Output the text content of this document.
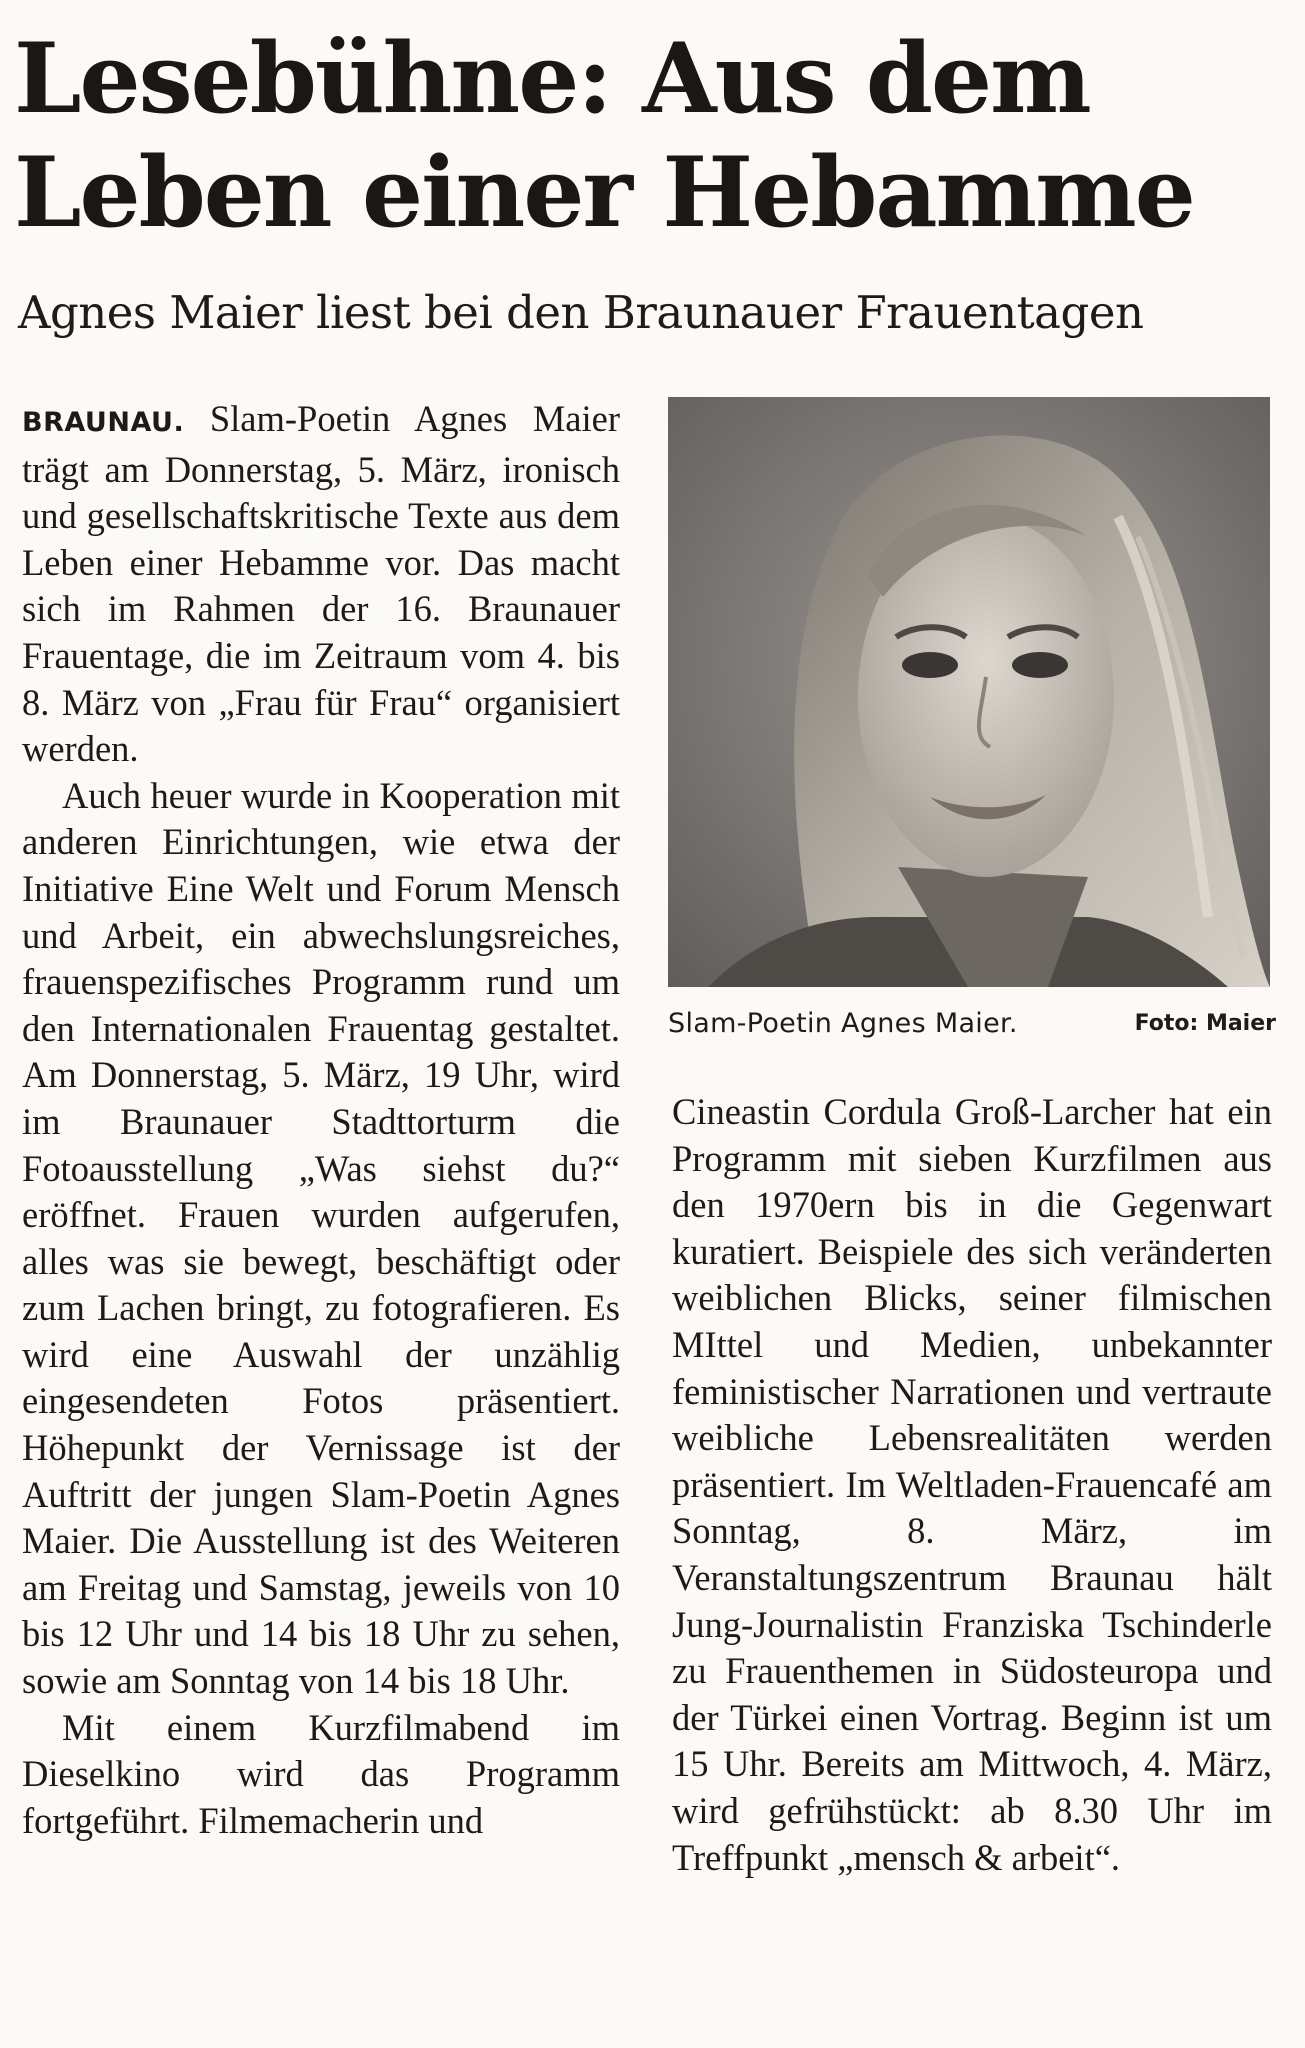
Lesebühne: Aus dem
Leben einer Hebamme
Agnes Maier liest bei den Braunauer Frauentagen

BRAUNAU. Slam-Poetin Agnes Maier trägt am Donnerstag, 5. März, ironisch und gesellschaftskritische Texte aus dem Leben einer Hebamme vor. Das macht sich im Rahmen der 16. Braunauer Frauentage, die im Zeitraum vom 4. bis 8. März von „Frau für Frau“ organisiert werden.

Auch heuer wurde in Kooperation mit anderen Einrichtungen, wie etwa der Initiative Eine Welt und Forum Mensch und Arbeit, ein abwechslungsreiches, frauenspezifisches Programm rund um den Internationalen Frauentag gestaltet. Am Donnerstag, 5. März, 19 Uhr, wird im Braunauer Stadttorturm die Fotoausstellung „Was siehst du?“ eröffnet. Frauen wurden aufgerufen, alles was sie bewegt, beschäftigt oder zum Lachen bringt, zu fotografieren. Es wird eine Auswahl der unzählig eingesendeten Fotos präsentiert. Höhepunkt der Vernissage ist der Auftritt der jungen Slam-Poetin Agnes Maier. Die Ausstellung ist des Weiteren am Freitag und Samstag, jeweils von 10 bis 12 Uhr und 14 bis 18 Uhr zu sehen, sowie am Sonntag von 14 bis 18 Uhr.

Mit einem Kurzfilmabend im Dieselkino wird das Programm fortgeführt. Filmemacherin und

Slam-Poetin Agnes Maier.	Foto: Maier

Cineastin Cordula Groß-Larcher hat ein Programm mit sieben Kurzfilmen aus den 1970ern bis in die Gegenwart kuratiert. Beispiele des sich veränderten weiblichen Blicks, seiner filmischen MIttel und Medien, unbekannter feministischer Narrationen und vertraute weibliche Lebensrealitäten werden präsentiert. Im Weltladen-Frauencafé am Sonntag, 8. März, im Veranstaltungszentrum Braunau hält Jung-Journalistin Franziska Tschinderle zu Frauenthemen in Südosteuropa und der Türkei einen Vortrag. Beginn ist um 15 Uhr. Bereits am Mittwoch, 4. März, wird gefrühstückt: ab 8.30 Uhr im Treffpunkt „mensch & arbeit“.
